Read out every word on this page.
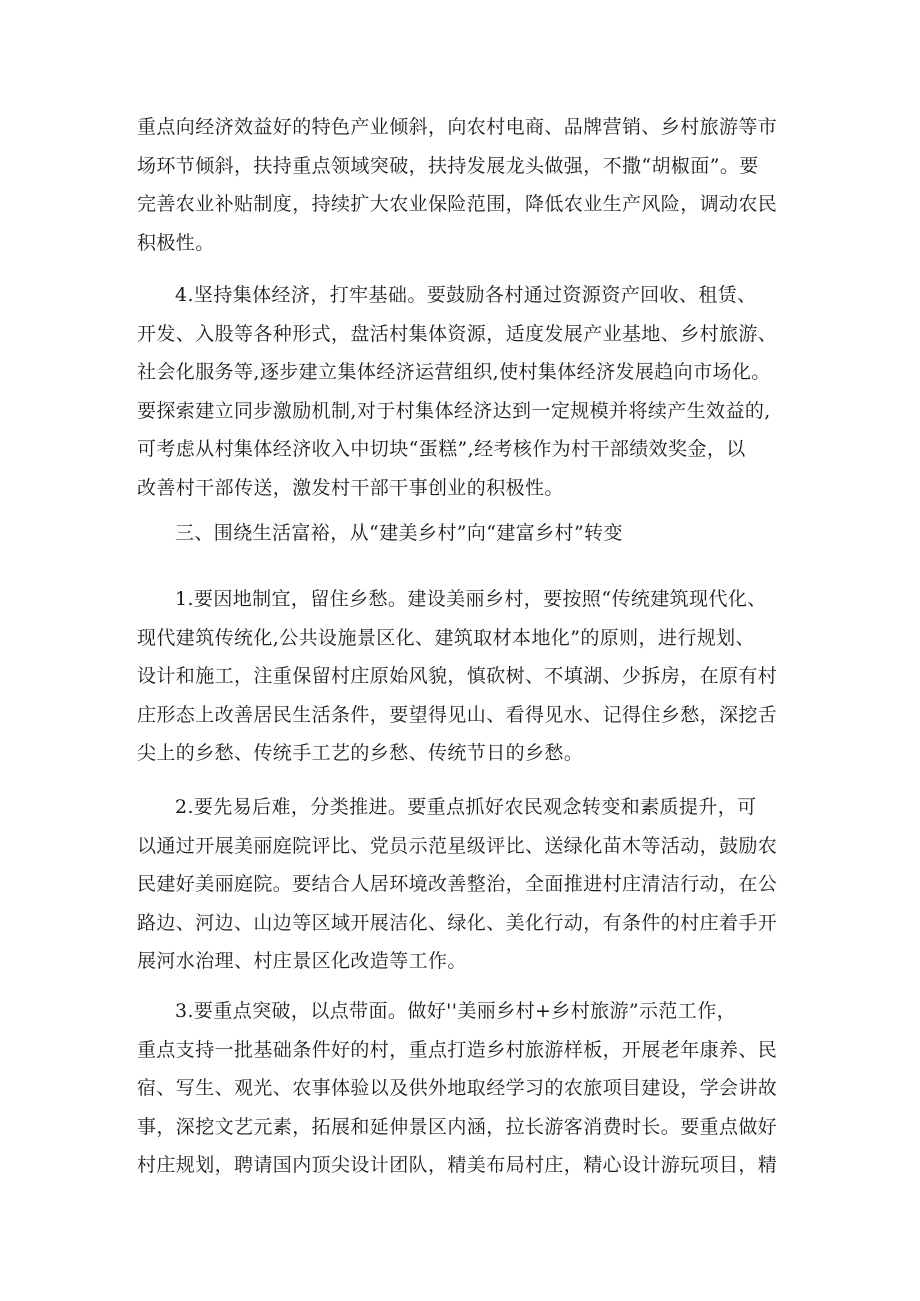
重点向经济效益好的特色产业倾斜，向农村电商、品牌营销、乡村旅游等市
场环节倾斜，扶持重点领域突破，扶持发展龙头做强，不撒“胡椒面”。要
完善农业补贴制度，持续扩大农业保险范围，降低农业生产风险，调动农民
积极性。
4.坚持集体经济，打牢基础。要鼓励各村通过资源资产回收、租赁、
开发、入股等各种形式，盘活村集体资源，适度发展产业基地、乡村旅游、
社会化服务等,逐步建立集体经济运营组织,使村集体经济发展趋向市场化。
要探索建立同步激励机制,对于村集体经济达到一定规模并将续产生效益的,
可考虑从村集体经济收入中切块“蛋糕”,经考核作为村干部绩效奖金，以
改善村干部传送，激发村干部干事创业的积极性。
三、围绕生活富裕，从“建美乡村”向“建富乡村”转变
1.要因地制宜，留住乡愁。建设美丽乡村，要按照“传统建筑现代化、
现代建筑传统化,公共设施景区化、建筑取材本地化”的原则，进行规划、
设计和施工，注重保留村庄原始风貌，慎砍树、不填湖、少拆房，在原有村
庄形态上改善居民生活条件，要望得见山、看得见水、记得住乡愁，深挖舌
尖上的乡愁、传统手工艺的乡愁、传统节日的乡愁。
2.要先易后难，分类推进。要重点抓好农民观念转变和素质提升，可
以通过开展美丽庭院评比、党员示范星级评比、送绿化苗木等活动，鼓励农
民建好美丽庭院。要结合人居环境改善整治，全面推进村庄清洁行动，在公
路边、河边、山边等区域开展洁化、绿化、美化行动，有条件的村庄着手开
展河水治理、村庄景区化改造等工作。
3.要重点突破，以点带面。做好''美丽乡村+乡村旅游”示范工作，
重点支持一批基础条件好的村，重点打造乡村旅游样板，开展老年康养、民
宿、写生、观光、农事体验以及供外地取经学习的农旅项目建设，学会讲故
事，深挖文艺元素，拓展和延伸景区内涵，拉长游客消费时长。要重点做好
村庄规划，聘请国内顶尖设计团队，精美布局村庄，精心设计游玩项目，精
